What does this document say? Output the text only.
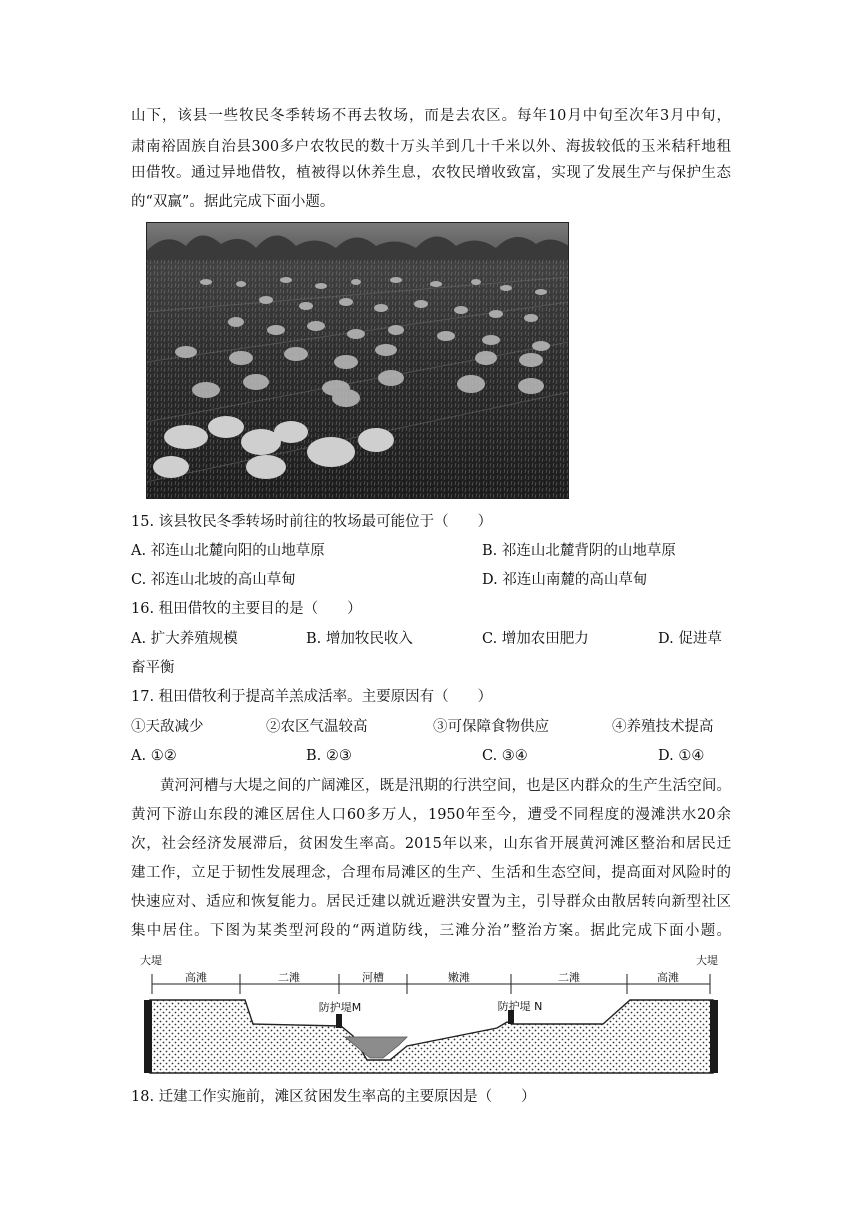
山下，该县一些牧民冬季转场不再去牧场，而是去农区。每年10月中旬至次年3月中旬，
肃南裕固族自治县300多户农牧民的数十万头羊到几十千米以外、海拔较低的玉米秸秆地租
田借牧。通过异地借牧，植被得以休养生息，农牧民增收致富，实现了发展生产与保护生态
的“双赢”。据此完成下面小题。
15. 该县牧民冬季转场时前往的牧场最可能位于（　　）
A. 祁连山北麓向阳的山地草原	B. 祁连山北麓背阴的山地草原
C. 祁连山北坡的高山草甸	D. 祁连山南麓的高山草甸
16. 租田借牧的主要目的是（　　）
A. 扩大养殖规模	B. 增加牧民收入	C. 增加农田肥力	D. 促进草
畜平衡
17. 租田借牧利于提高羊羔成活率。主要原因有（　　）
①天敌减少	②农区气温较高	③可保障食物供应	④养殖技术提高
A. ①②	B. ②③	C. ③④	D. ①④
黄河河槽与大堤之间的广阔滩区，既是汛期的行洪空间，也是区内群众的生产生活空间。
黄河下游山东段的滩区居住人口60多万人，1950年至今，遭受不同程度的漫滩洪水20余
次，社会经济发展滞后，贫困发生率高。2015年以来，山东省开展黄河滩区整治和居民迁
建工作，立足于韧性发展理念，合理布局滩区的生产、生活和生态空间，提高面对风险时的
快速应对、适应和恢复能力。居民迁建以就近避洪安置为主，引导群众由散居转向新型社区
集中居住。下图为某类型河段的“两道防线，三滩分治”整治方案。据此完成下面小题。
大堤	大堤
高滩	二滩	河槽	嫩滩	二滩	高滩
防护堤M	防护堤 N
18. 迁建工作实施前，滩区贫困发生率高的主要原因是（　　）
